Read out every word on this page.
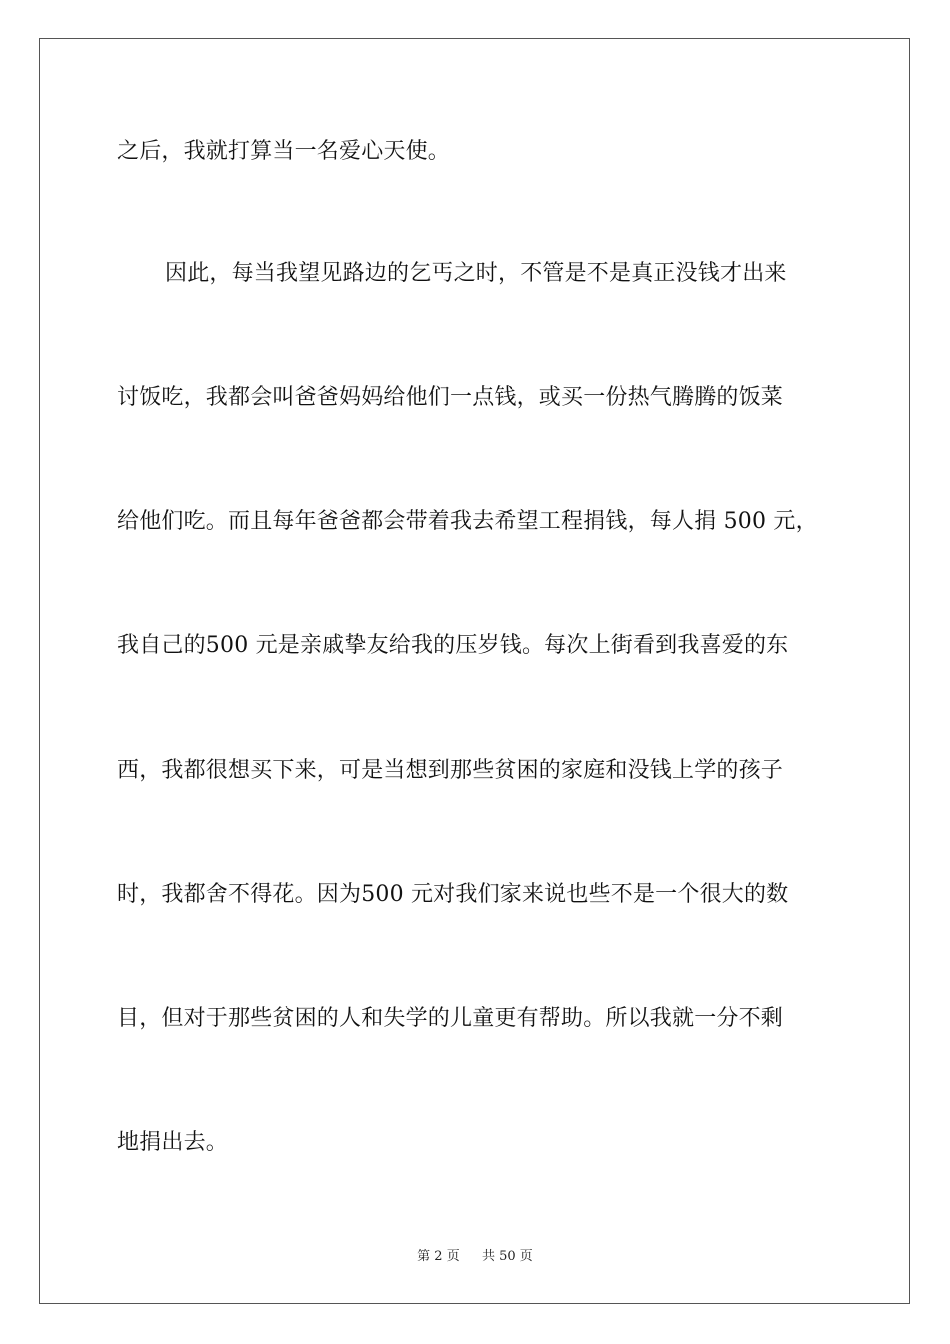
之后，我就打算当一名爱心天使。
因此，每当我望见路边的乞丐之时，不管是不是真正没钱才出来
讨饭吃，我都会叫爸爸妈妈给他们一点钱，或买一份热气腾腾的饭菜
给他们吃。而且每年爸爸都会带着我去希望工程捐钱，每人捐 500 元，
我自己的500 元是亲戚挚友给我的压岁钱。每次上街看到我喜爱的东
西，我都很想买下来，可是当想到那些贫困的家庭和没钱上学的孩子
时，我都舍不得花。因为500 元对我们家来说也些不是一个很大的数
目，但对于那些贫困的人和失学的儿童更有帮助。所以我就一分不剩
地捐出去。
第 2 页 共 50 页
